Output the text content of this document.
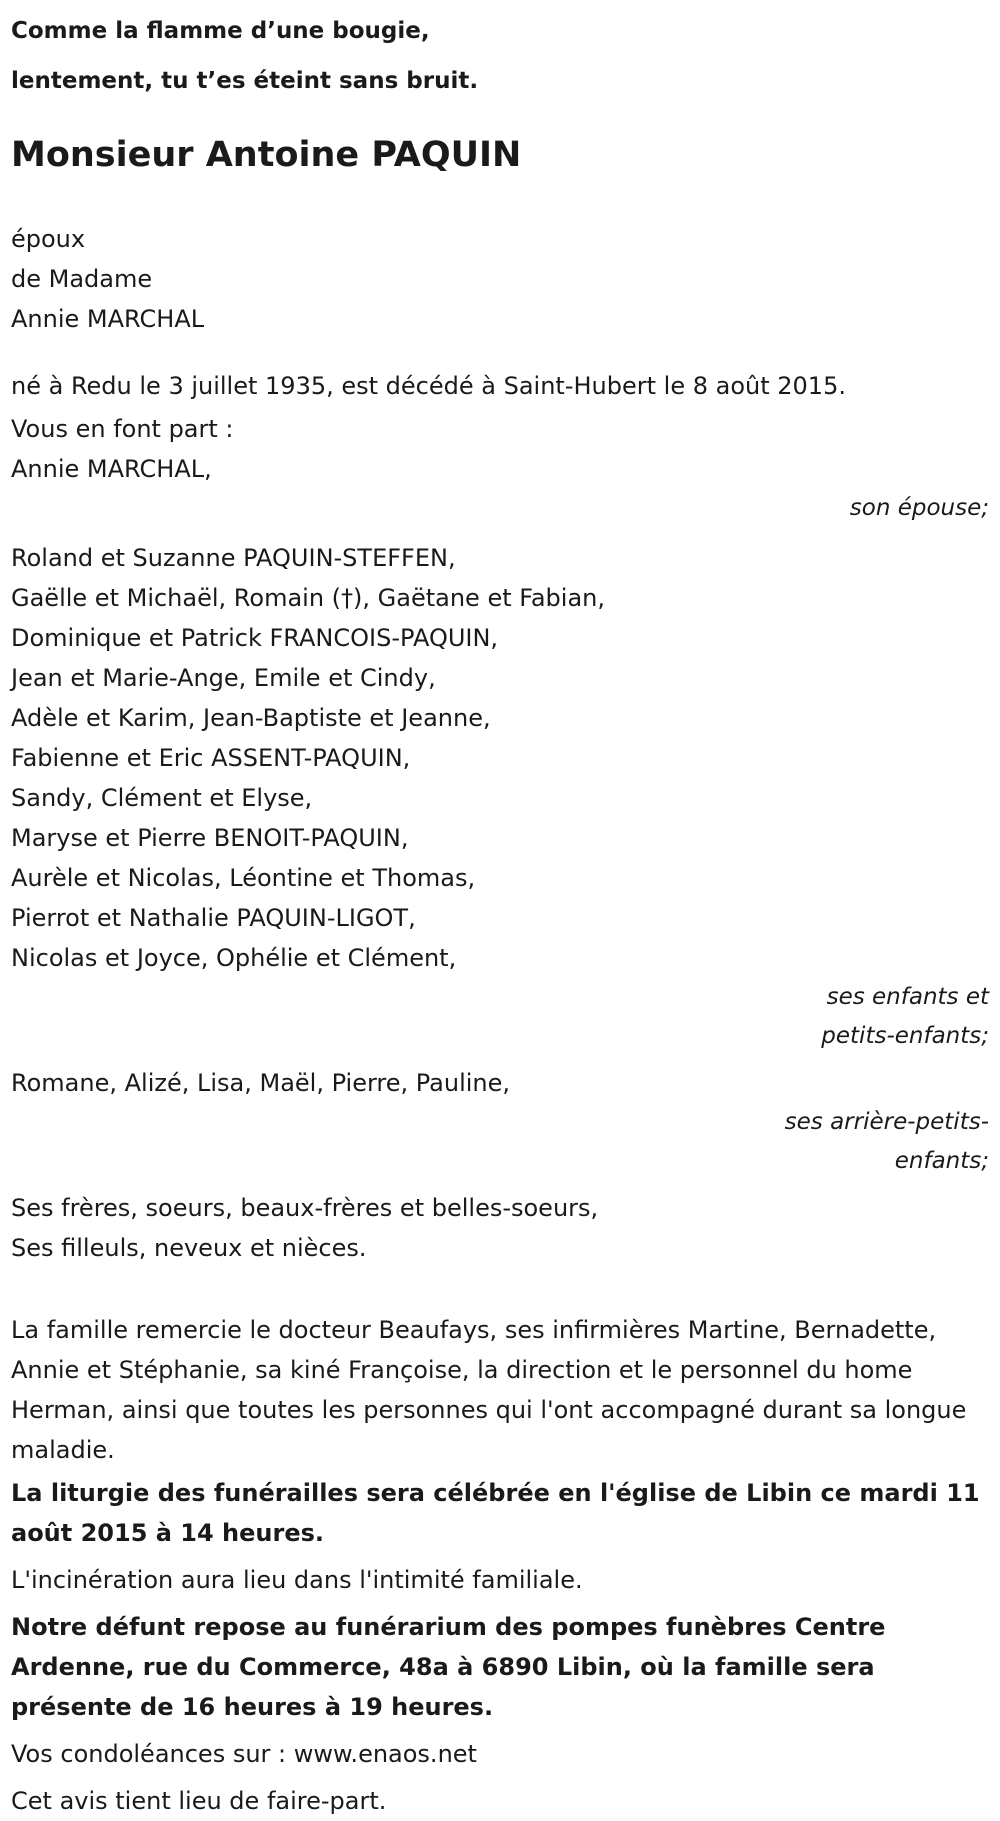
Comme la flamme d’une bougie,

lentement, tu t’es éteint sans bruit.

Monsieur Antoine PAQUIN

époux

de Madame

Annie MARCHAL

né à Redu le 3 juillet 1935, est décédé à Saint-Hubert le 8 août 2015.

Vous en font part :

Annie MARCHAL,

son épouse;

Roland et Suzanne PAQUIN-STEFFEN,

Gaëlle et Michaël, Romain (†), Gaëtane et Fabian,

Dominique et Patrick FRANCOIS-PAQUIN,

Jean et Marie-Ange, Emile et Cindy,

Adèle et Karim, Jean-Baptiste et Jeanne,

Fabienne et Eric ASSENT-PAQUIN,

Sandy, Clément et Elyse,

Maryse et Pierre BENOIT-PAQUIN,

Aurèle et Nicolas, Léontine et Thomas,

Pierrot et Nathalie PAQUIN-LIGOT,

Nicolas et Joyce, Ophélie et Clément,

ses enfants et

petits-enfants;

Romane, Alizé, Lisa, Maël, Pierre, Pauline,

ses arrière-petits-

enfants;

Ses frères, soeurs, beaux-frères et belles-soeurs,

Ses filleuls, neveux et nièces.

La famille remercie le docteur Beaufays, ses infirmières Martine, Bernadette, Annie et Stéphanie, sa kiné Françoise, la direction et le personnel du home Herman, ainsi que toutes les personnes qui l'ont accompagné durant sa longue maladie.

La liturgie des funérailles sera célébrée en l'église de Libin ce mardi 11 août 2015 à 14 heures.

L'incinération aura lieu dans l'intimité familiale.

Notre défunt repose au funérarium des pompes funèbres Centre Ardenne, rue du Commerce, 48a à 6890 Libin, où la famille sera présente de 16 heures à 19 heures.

Vos condoléances sur : www.enaos.net

Cet avis tient lieu de faire-part.
